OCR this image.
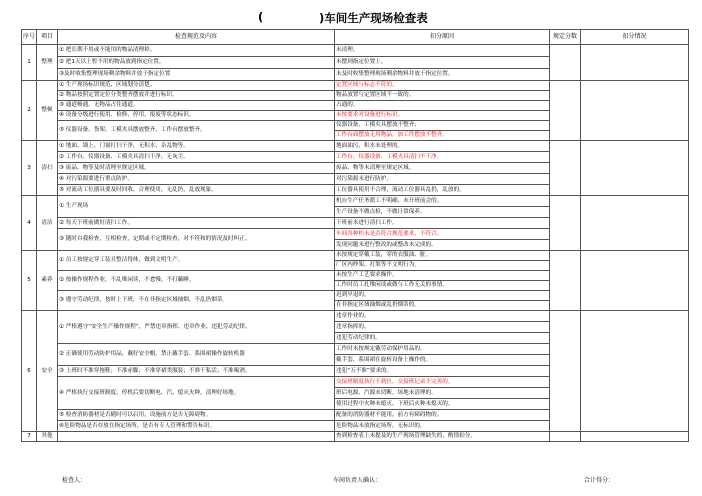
(	)车间生产现场检查表
序号	项目	检查规范及内容	扣分原因	规定分数	扣分情况
1	整理	① 把长期不用或不能用的物品清理掉。	未清理。		
		② 把1天以上暂不用的物品放到指定位置。	未摆到指定位置上。		
		③及时收集整理现场剩余物料并放于指定位置	未及时收集整理现场剩余物料并放于指定位置。		
2	整顿	① 生产现场标识规范，区域划分清楚。	定置区域与标志不符的。		
		② 物品按照定置定位分类整齐摆放并进行标识。	物品放置与定置区域不一致的。		
		③ 通道畅通，无物品占住通道。	占通的。		
		④ 设备分级进行使用、检修、停用、报废等状态标识。	未按要求对设备进行标识。		
		⑤ 仪器设备、货架、工模夹具摆放整齐，工作台摆放整齐。	仪器设备、工模夹具摆放不整齐；		
			工作台面摆放无用物品，加工件摆放不整齐。		
3	清扫	① 地面、墙上、门窗打扫干净，无积水、杂乱物等。	地面油污、积水未处理的。		
		② 工作台、仪器设备、工模夹具清扫干净，无灰尘。	工作台、仪器设备、工模夹具清扫不干净。		
		③ 废品、物等及时清理至规定区域。	废品、物等未清理至规定区域。		
		④ 对污染源要进行重点防护。	对污染源未进行防护。		
		⑤ 对流动工位器具要及时回收、合理使用，无乱扔，乱放现象。	工位器具使用不合理，流动工位器具乱扔，乱放的。		
4	清洁	① 生产现场	机台生产任务派工不明确，未开班前会的。		
			生产设备不做点检，不做日常保养。		
		② 每天下班前做好清扫工作。	下班前未进行清扫工作。		
		③ 随时自我检查，互相检查，定期或不定期检查，对不符和的情况及时纠正。	车间各种柜未是否符合规范要求，不符合。		
			发现问题未进行整改的或整改未完成的。		
5	素养	① 员工按规定穿工装且整洁得体，做到文明生产。	未按规定穿戴工装，穿的衣服油、脏。		
			厂区内吵架、打架等不文明行为。		
		② 按操作规程作业，不乱堆闲谈，不怠慢、不打瞌睡。	未按生产工艺要求操作。		
			工作时员工扎堆闲谈或做与工作无关的事情。		
		③ 遵守劳动纪律，按时上下班，不在非指定区域抽烟，不乱扔烟蒂。	迟到早退的。		
			在非指定区域抽烟或乱扔烟蒂的。		
6	安全	① 严格遵守“安全生产操作规程”，严禁违章指挥、违章作业、违犯劳动纪律。	违章作业的。		
			违章指挥的。		
			违犯劳动纪律的。		
		② 正确使用劳动防护用品，戴好安全帽，禁止戴手套、系围裙操作旋转机器	工作时未按规定戴劳动保护用品的。		
			戴手套、系围裙在旋转设备上操作的。		
		③ 上班时不准穿拖鞋；不准赤脚；不准穿裙类服装；不准干私活；不准喝酒。	违犯“五不准”要求的。		
		④ 严格执行交接班制度，停机后要切断电、汽、熄灭火种，清理好场地。	交接班制度执行不到位，交接班记录不完善的。		
			班后电源、汽源未切断，场地未清理的。		
			使用过程中火种未熄灭，下班后火种未熄灭的。		
		⑤ 检查消防器材是否随时可以启用，设施前方是否无障碍物。	配备的消防器材不能用，前方有障碍物的。		
		⑥危险物品是否存放在指定场所，是否有专人管理和警告标识。	危险物品未放指定场所，无标识的。		
7	其他		查到检查表上未提及的生产现场管理缺失的，酌情扣分。		
检查人：	车间负责人确认：	合计得分：
